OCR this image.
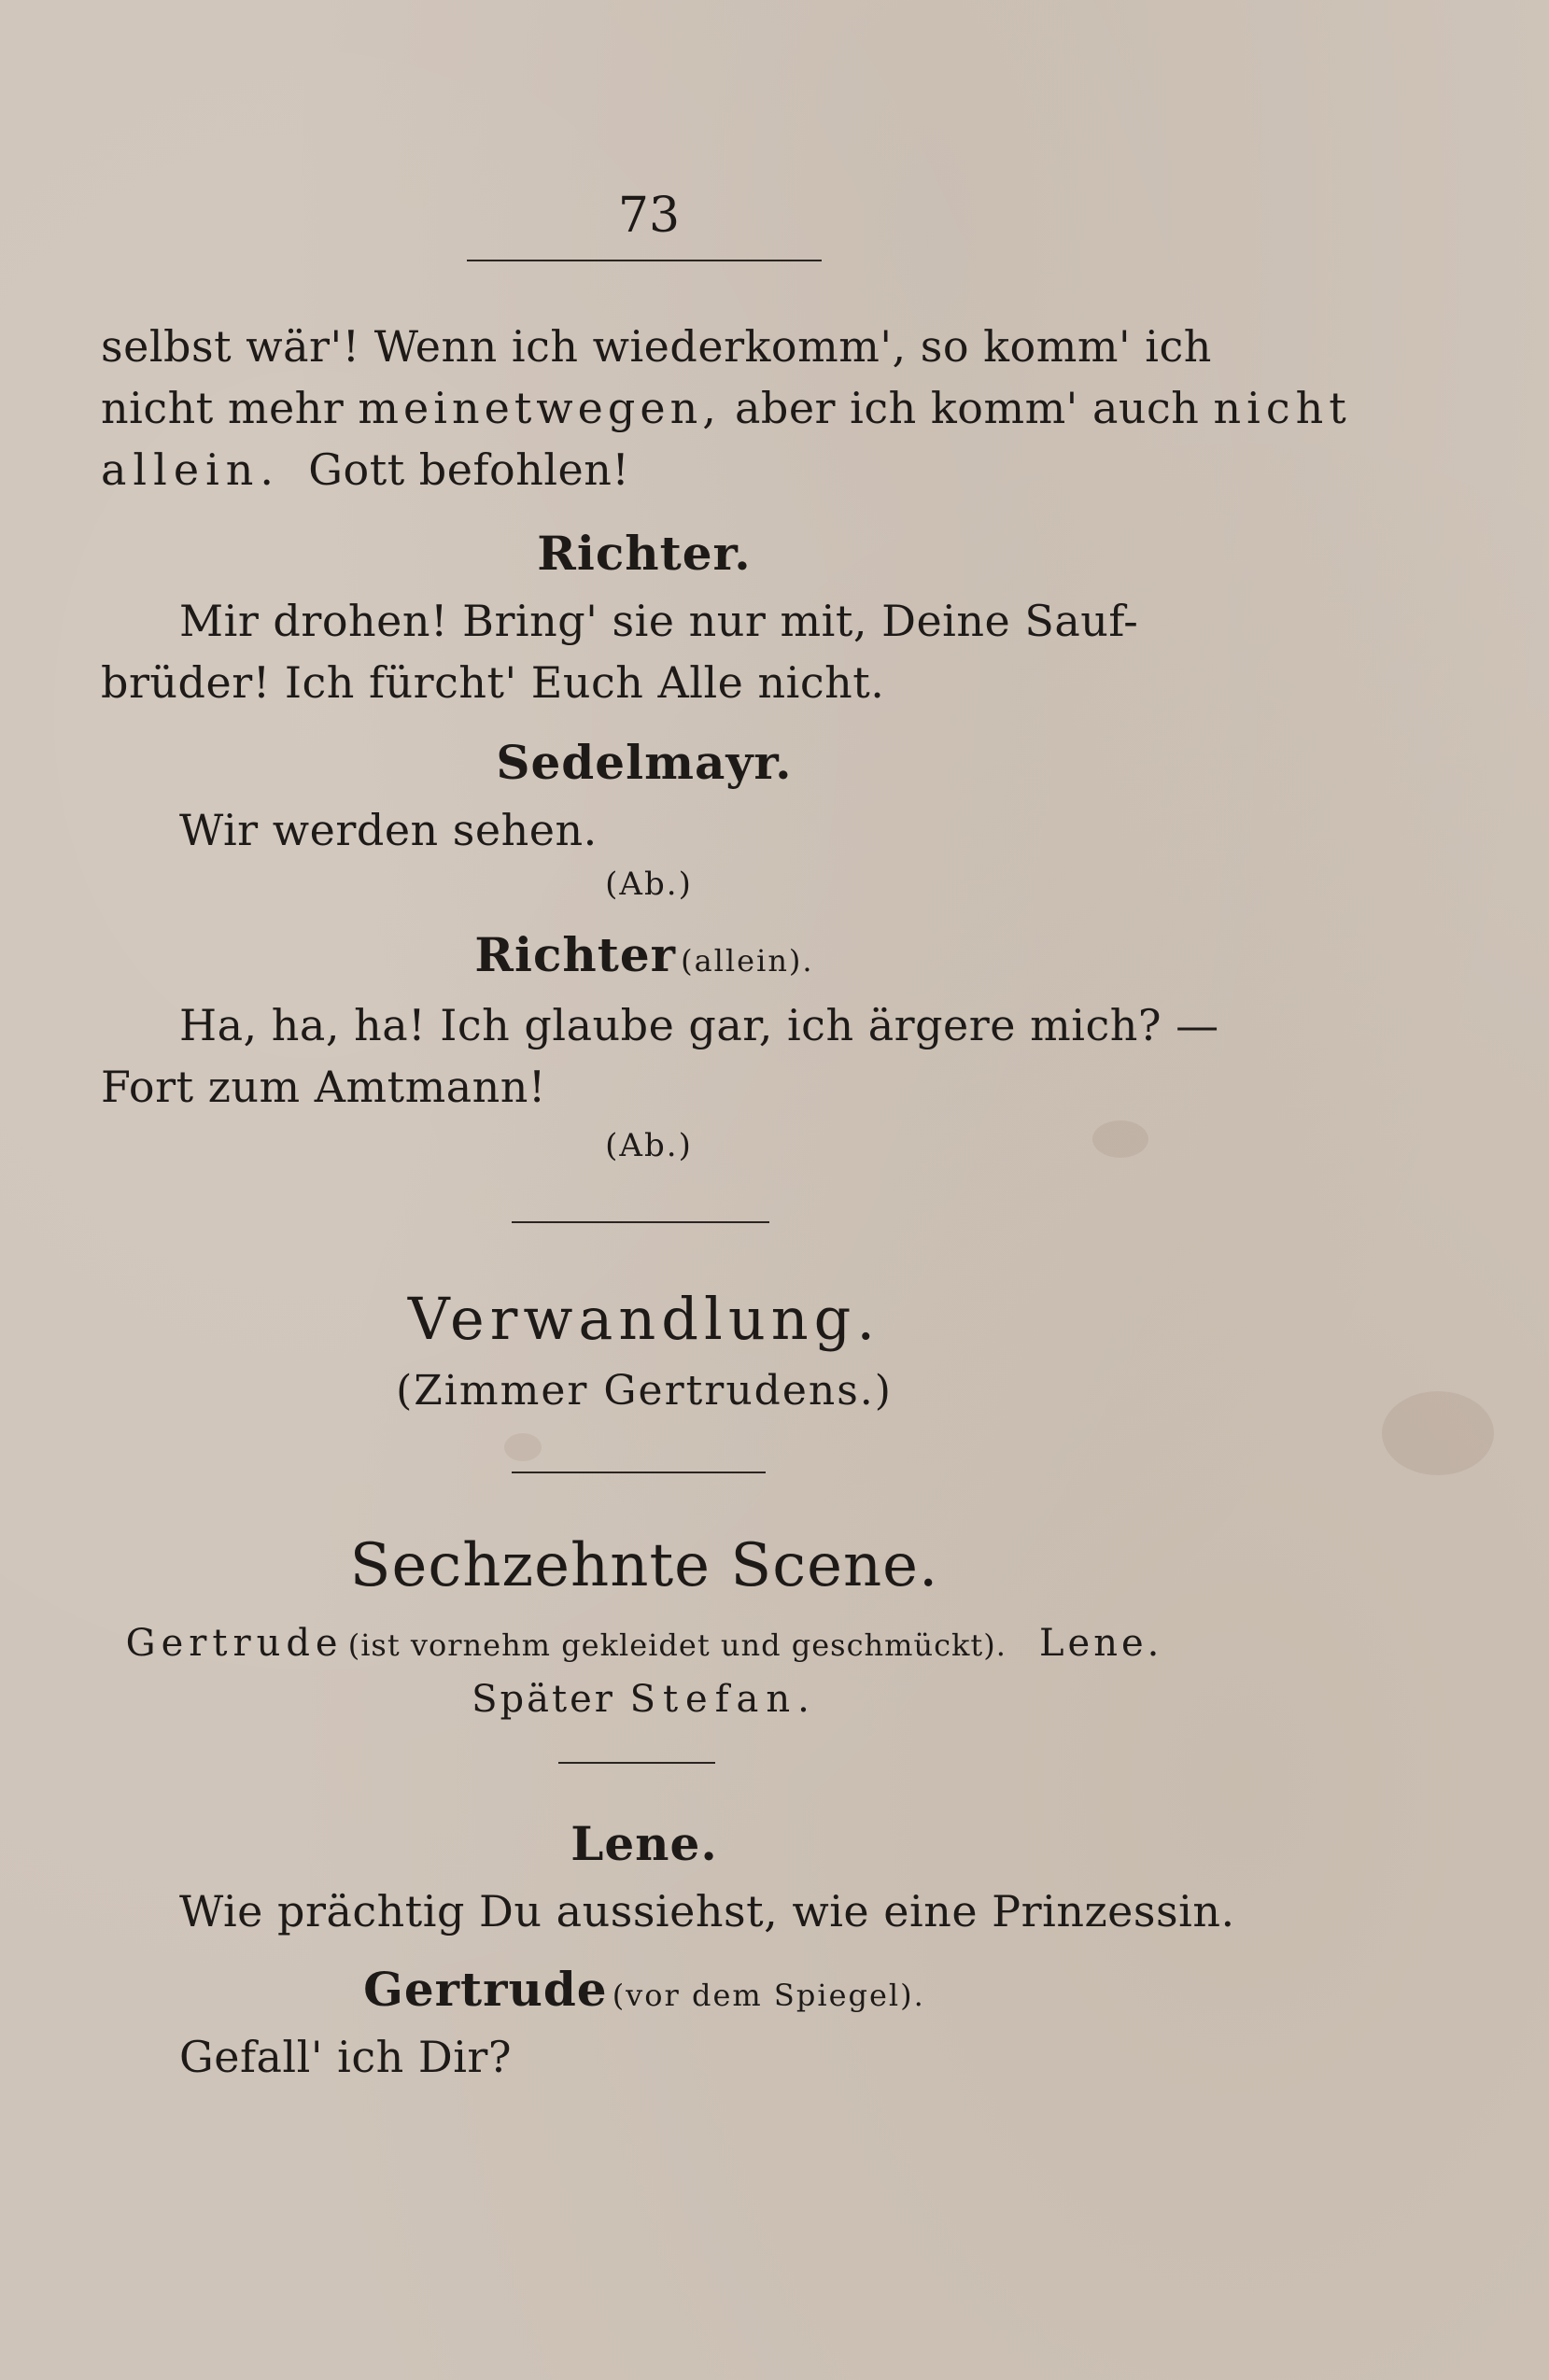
73
selbst wär'! Wenn ich wiederkomm', so komm' ich
nicht mehr meinetwegen, aber ich komm' auch nicht
allein.  Gott befohlen!
Richter.
Mir drohen! Bring' sie nur mit, Deine Sauf-
brüder! Ich fürcht' Euch Alle nicht.
Sedelmayr.
Wir werden sehen.
(Ab.)
Richter (allein).
Ha, ha, ha! Ich glaube gar, ich ärgere mich? —
Fort zum Amtmann!
(Ab.)
Verwandlung.
(Zimmer Gertrudens.)
Sechzehnte Scene.
Gertrude (ist vornehm gekleidet und geschmückt). Lene.
Später Stefan.
Lene.
Wie prächtig Du aussiehst, wie eine Prinzessin.
Gertrude (vor dem Spiegel).
Gefall' ich Dir?
